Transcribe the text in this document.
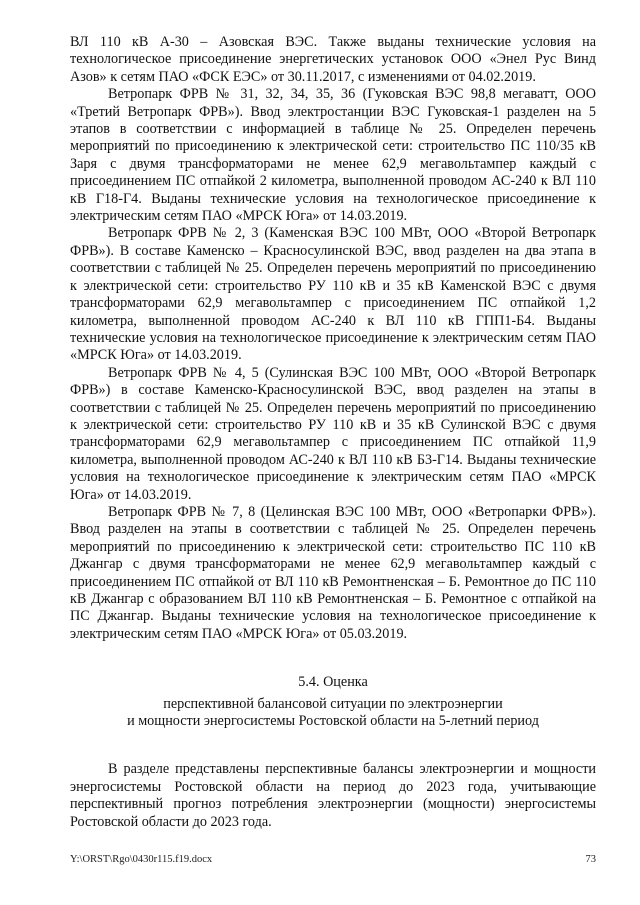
ВЛ 110 кВ А-30 – Азовская ВЭС. Также выданы технические условия на технологическое присоединение энергетических установок ООО «Энел Рус Винд Азов» к сетям ПАО «ФСК ЕЭС» от 30.11.2017, с изменениями от 04.02.2019.

Ветропарк ФРВ № 31, 32, 34, 35, 36 (Гуковская ВЭС 98,8 мегаватт, ООО «Третий Ветропарк ФРВ»). Ввод электростанции ВЭС Гуковская-1 разделен на 5 этапов в соответствии с информацией в таблице № 25. Определен перечень мероприятий по присоединению к электрической сети: строительство ПС 110/35 кВ Заря с двумя трансформаторами не менее 62,9 мегавольтампер каждый с присоединением ПС отпайкой 2 километра, выполненной проводом АС-240 к ВЛ 110 кВ Г18-Г4. Выданы технические условия на технологическое присоединение к электрическим сетям ПАО «МРСК Юга» от 14.03.2019.

Ветропарк ФРВ № 2, 3 (Каменская ВЭС 100 МВт, ООО «Второй Ветропарк ФРВ»). В составе Каменско – Красносулинской ВЭС, ввод разделен на два этапа в соответствии с таблицей № 25. Определен перечень мероприятий по присоединению к электрической сети: строительство РУ 110 кВ и 35 кВ Каменской ВЭС с двумя трансформаторами 62,9 мегавольтампер с присоединением ПС отпайкой 1,2 километра, выполненной проводом АС-240 к ВЛ 110 кВ ГПП1-Б4. Выданы технические условия на технологическое присоединение к электрическим сетям ПАО «МРСК Юга» от 14.03.2019.

Ветропарк ФРВ № 4, 5 (Сулинская ВЭС 100 МВт, ООО «Второй Ветропарк ФРВ») в составе Каменско-Красносулинской ВЭС, ввод разделен на этапы в соответствии с таблицей № 25. Определен перечень мероприятий по присоединению к электрической сети: строительство РУ 110 кВ и 35 кВ Сулинской ВЭС с двумя трансформаторами 62,9 мегавольтампер с присоединением ПС отпайкой 11,9 километра, выполненной проводом АС-240 к ВЛ 110 кВ Б3-Г14. Выданы технические условия на технологическое присоединение к электрическим сетям ПАО «МРСК Юга» от 14.03.2019.

Ветропарк ФРВ № 7, 8 (Целинская ВЭС 100 МВт, ООО «Ветропарки ФРВ»). Ввод разделен на этапы в соответствии с таблицей № 25. Определен перечень мероприятий по присоединению к электрической сети: строительство ПС 110 кВ Джангар с двумя трансформаторами не менее 62,9 мегавольтампер каждый с присоединением ПС отпайкой от ВЛ 110 кВ Ремонтненская – Б. Ремонтное до ПС 110 кВ Джангар с образованием ВЛ 110 кВ Ремонтненская – Б. Ремонтное с отпайкой на ПС Джангар. Выданы технические условия на технологическое присоединение к электрическим сетям ПАО «МРСК Юга» от 05.03.2019.

5.4. Оценка
перспективной балансовой ситуации по электроэнергии
и мощности энергосистемы Ростовской области на 5-летний период

В разделе представлены перспективные балансы электроэнергии и мощности энергосистемы Ростовской области на период до 2023 года, учитывающие перспективный прогноз потребления электроэнергии (мощности) энергосистемы Ростовской области до 2023 года.

Y:\ORST\Rgo\0430r115.f19.docx	73
